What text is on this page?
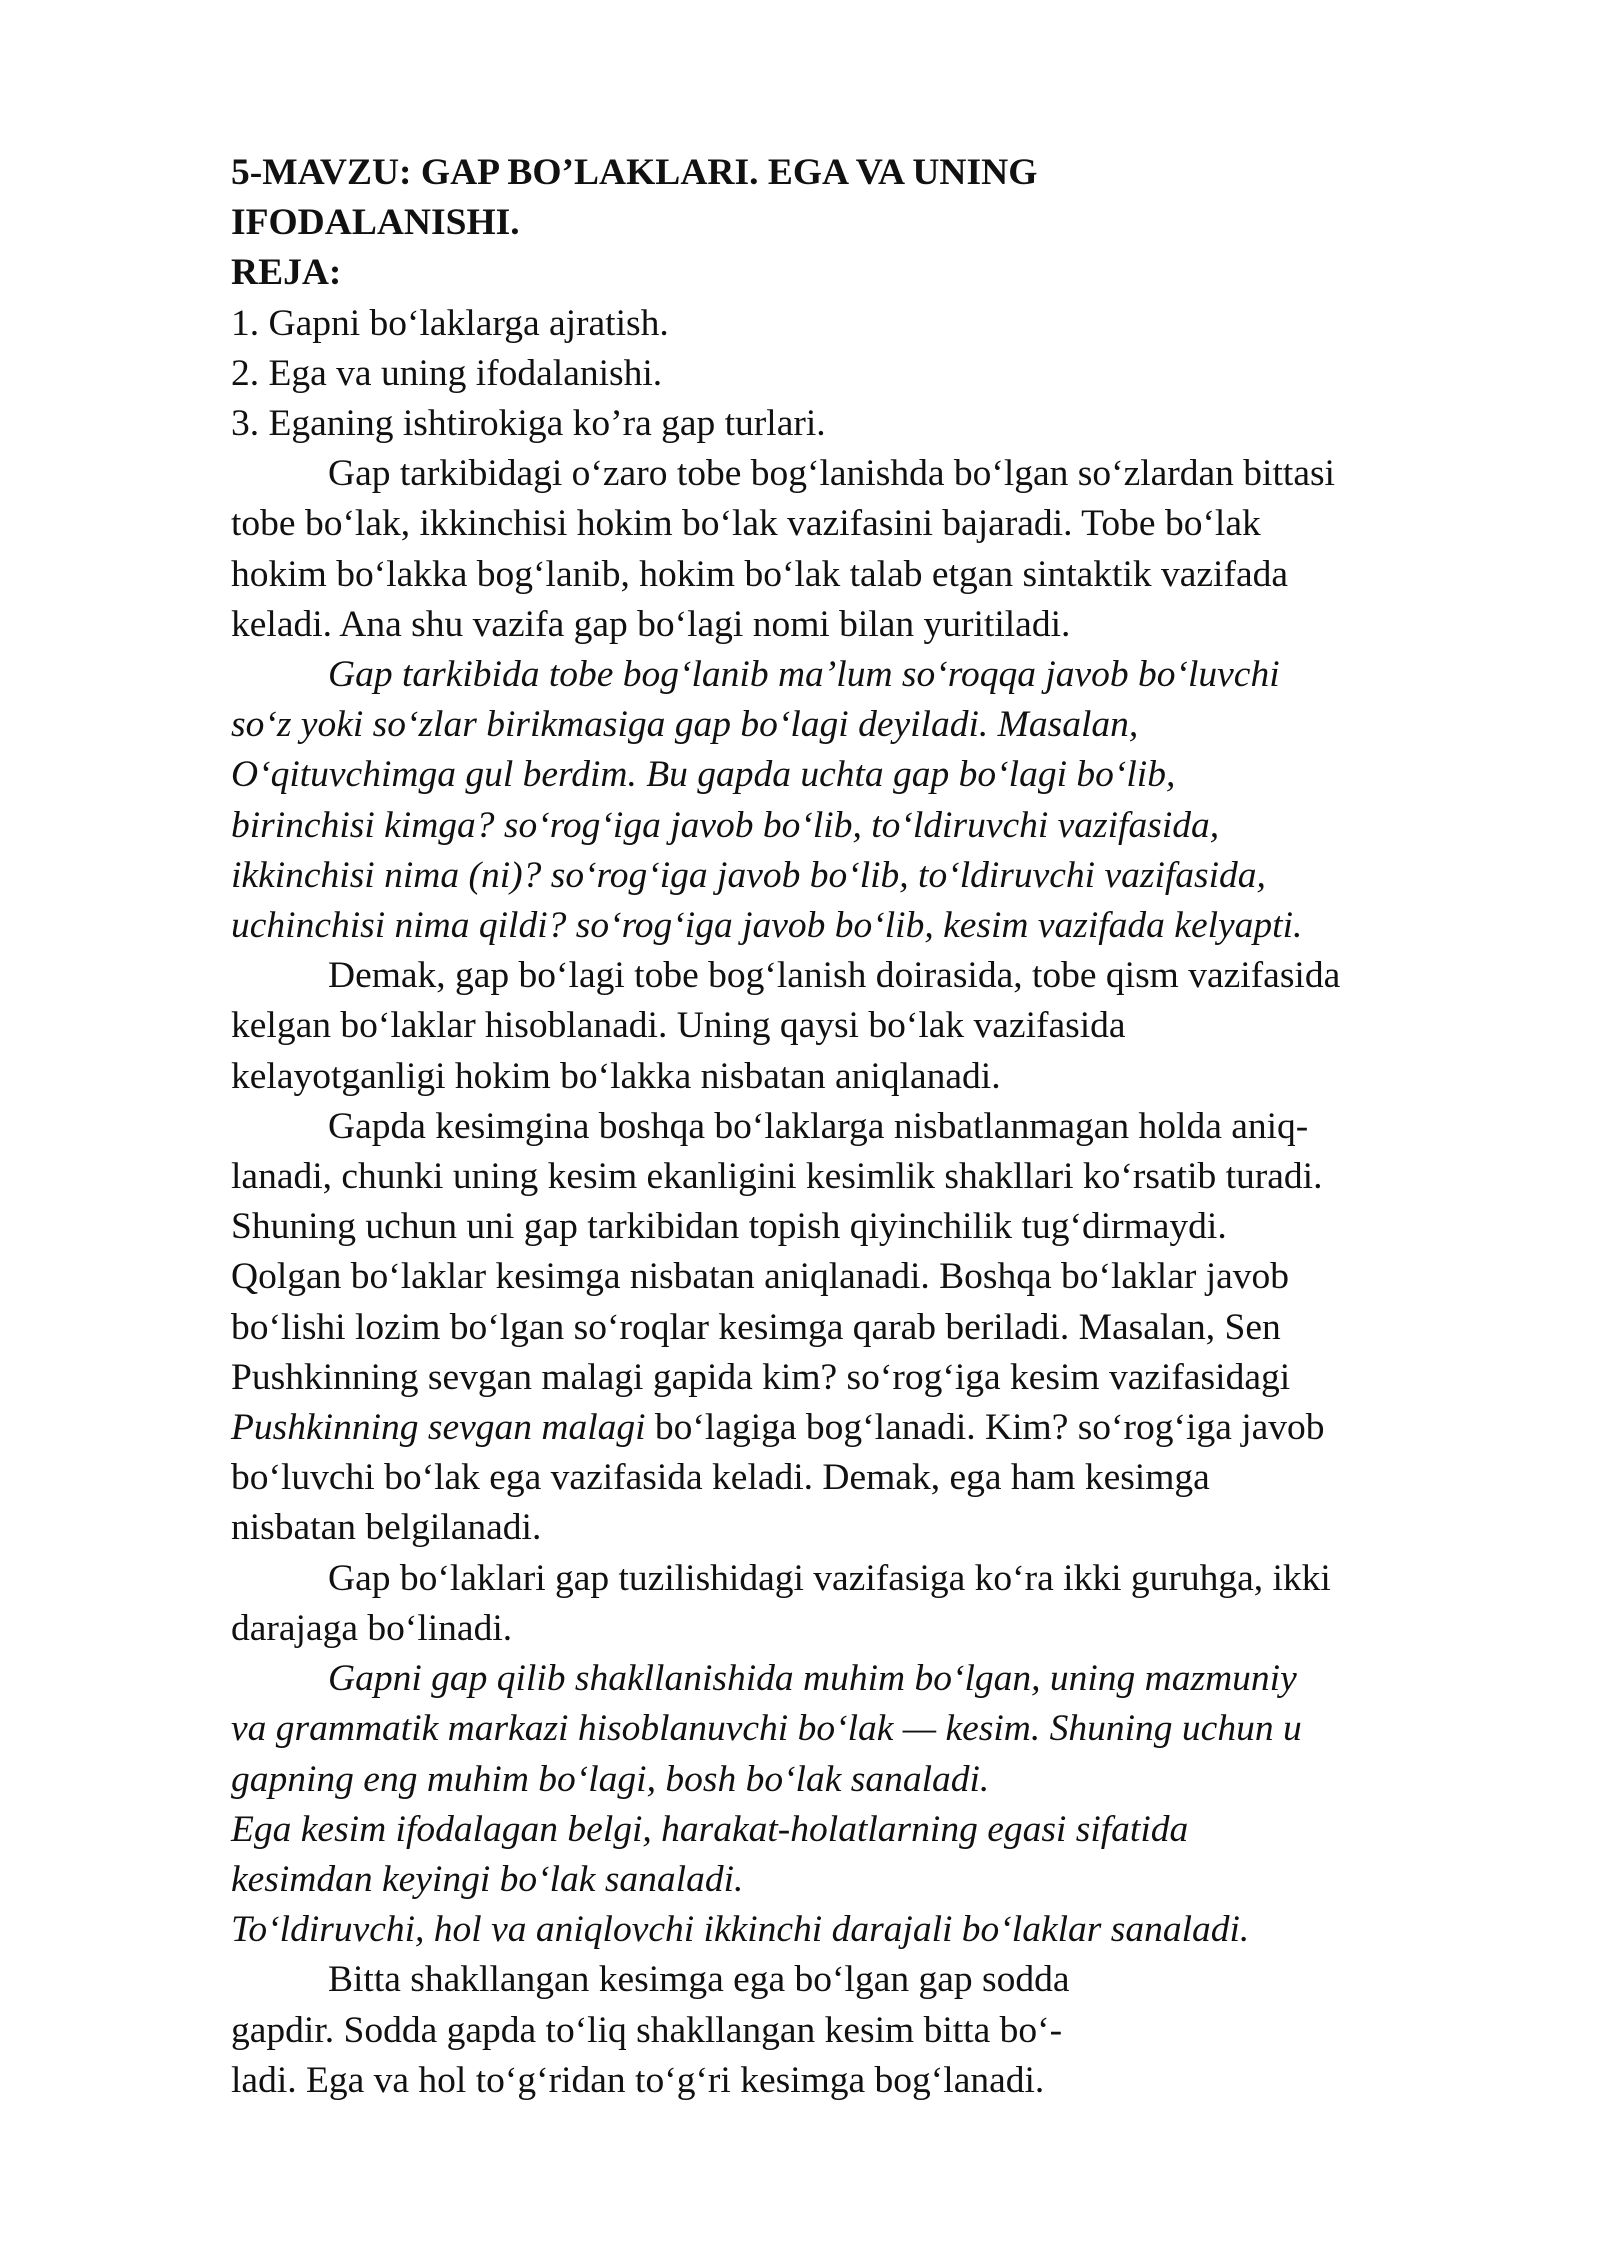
5-MAVZU: GAP BO’LAKLARI. EGA VA UNING
IFODALANISHI.
REJA:
1. Gapni bo‘laklarga ajratish.
2. Ega va uning ifodalanishi.
3. Eganing ishtirokiga ko’ra gap turlari.
Gap tarkibidagi o‘zaro tobe bog‘lanishda bo‘lgan so‘zlardan bittasi
tobe bo‘lak, ikkinchisi hokim bo‘lak vazifasini bajaradi. Tobe bo‘lak
hokim bo‘lakka bog‘lanib, hokim bo‘lak talab etgan sintaktik vazifada
keladi. Ana shu vazifa gap bo‘lagi nomi bilan yuritiladi.
Gap tarkibida tobe bog‘lanib ma’lum so‘roqqa javob bo‘luvchi
so‘z yoki so‘zlar birikmasiga gap bo‘lagi deyiladi. Masalan,
O‘qituvchimga gul berdim. Bu gapda uchta gap bo‘lagi bo‘lib,
birinchisi kimga? so‘rog‘iga javob bo‘lib, to‘ldiruvchi vazifasida,
ikkinchisi nima (ni)? so‘rog‘iga javob bo‘lib, to‘ldiruvchi vazifasida,
uchinchisi nima qildi? so‘rog‘iga javob bo‘lib, kesim vazifada kelyapti.
Demak, gap bo‘lagi tobe bog‘lanish doirasida, tobe qism vazifasida
kelgan bo‘laklar hisoblanadi. Uning qaysi bo‘lak vazifasida
kelayotganligi hokim bo‘lakka nisbatan aniqlanadi.
Gapda kesimgina boshqa bo‘laklarga nisbatlanmagan holda aniq-
lanadi, chunki uning kesim ekanligini kesimlik shakllari ko‘rsatib turadi.
Shuning uchun uni gap tarkibidan topish qiyinchilik tug‘dirmaydi.
Qolgan bo‘laklar kesimga nisbatan aniqlanadi. Boshqa bo‘laklar javob
bo‘lishi lozim bo‘lgan so‘roqlar kesimga qarab beriladi. Masalan, Sen
Pushkinning sevgan malagi gapida kim? so‘rog‘iga kesim vazifasidagi
Pushkinning sevgan malagi bo‘lagiga bog‘lanadi. Kim? so‘rog‘iga javob
bo‘luvchi bo‘lak ega vazifasida keladi. Demak, ega ham kesimga
nisbatan belgilanadi.
Gap bo‘laklari gap tuzilishidagi vazifasiga ko‘ra ikki guruhga, ikki
darajaga bo‘linadi.
Gapni gap qilib shakllanishida muhim bo‘lgan, uning mazmuniy
va grammatik markazi hisoblanuvchi bo‘lak — kesim. Shuning uchun u
gapning eng muhim bo‘lagi, bosh bo‘lak sanaladi.
Ega kesim ifodalagan belgi, harakat-holatlarning egasi sifatida
kesimdan keyingi bo‘lak sanaladi.
To‘ldiruvchi, hol va aniqlovchi ikkinchi darajali bo‘laklar sanaladi.
Bitta shakllangan kesimga ega bo‘lgan gap sodda
gapdir. Sodda gapda to‘liq shakllangan kesim bitta bo‘-
ladi. Ega va hol to‘g‘ridan to‘g‘ri kesimga bog‘lanadi.
